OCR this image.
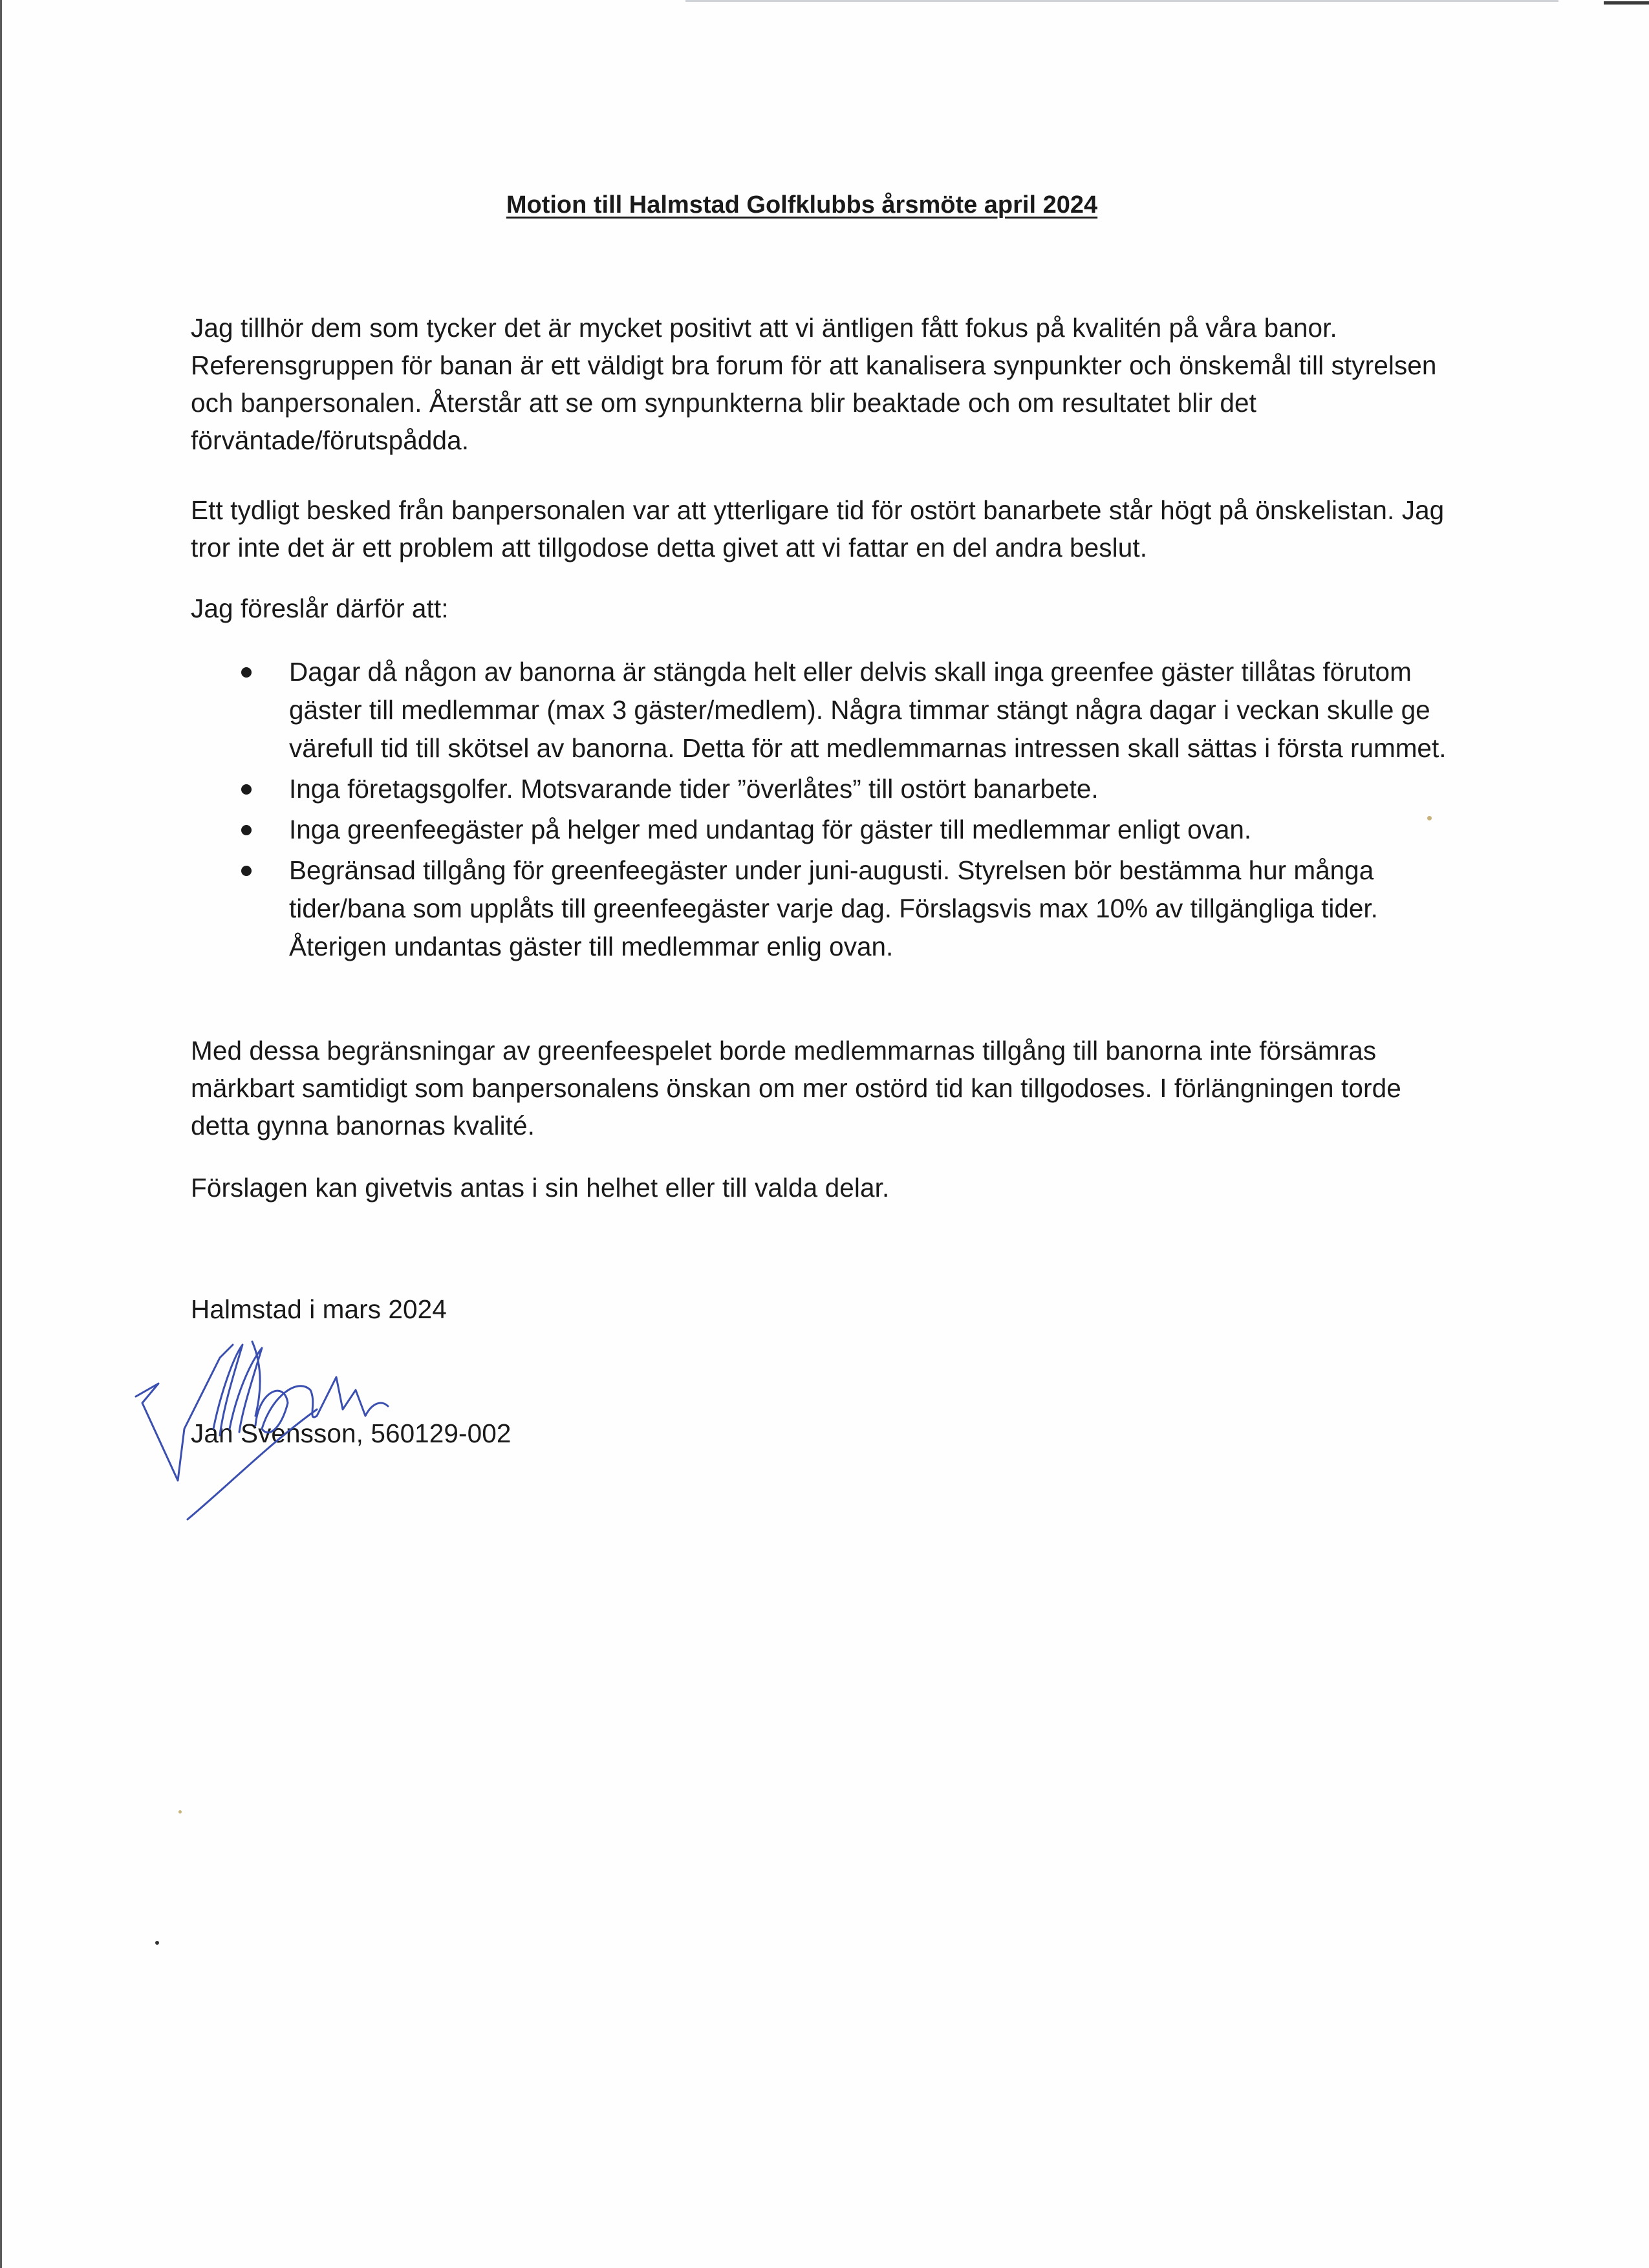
Motion till Halmstad Golfklubbs årsmöte april 2024

Jag tillhör dem som tycker det är mycket positivt att vi äntligen fått fokus på kvalitén på våra banor. Referensgruppen för banan är ett väldigt bra forum för att kanalisera synpunkter och önskemål till styrelsen och banpersonalen. Återstår att se om synpunkterna blir beaktade och om resultatet blir det förväntade/förutspådda.

Ett tydligt besked från banpersonalen var att ytterligare tid för ostört banarbete står högt på önskelistan. Jag tror inte det är ett problem att tillgodose detta givet att vi fattar en del andra beslut.

Jag föreslår därför att:

Dagar då någon av banorna är stängda helt eller delvis skall inga greenfee gäster tillåtas förutom gäster till medlemmar (max 3 gäster/medlem). Några timmar stängt några dagar i veckan skulle ge värefull tid till skötsel av banorna. Detta för att medlemmarnas intressen skall sättas i första rummet.
Inga företagsgolfer. Motsvarande tider ”överlåtes” till ostört banarbete.
Inga greenfeegäster på helger med undantag för gäster till medlemmar enligt ovan.
Begränsad tillgång för greenfeegäster under juni-augusti. Styrelsen bör bestämma hur många tider/bana som upplåts till greenfeegäster varje dag. Förslagsvis max 10% av tillgängliga tider. Återigen undantas gäster till medlemmar enlig ovan.

Med dessa begränsningar av greenfeespelet borde medlemmarnas tillgång till banorna inte försämras märkbart samtidigt som banpersonalens önskan om mer ostörd tid kan tillgodoses. I förlängningen torde detta gynna banornas kvalité.

Förslagen kan givetvis antas i sin helhet eller till valda delar.

Halmstad i mars 2024
Jan Svensson, 560129-002
